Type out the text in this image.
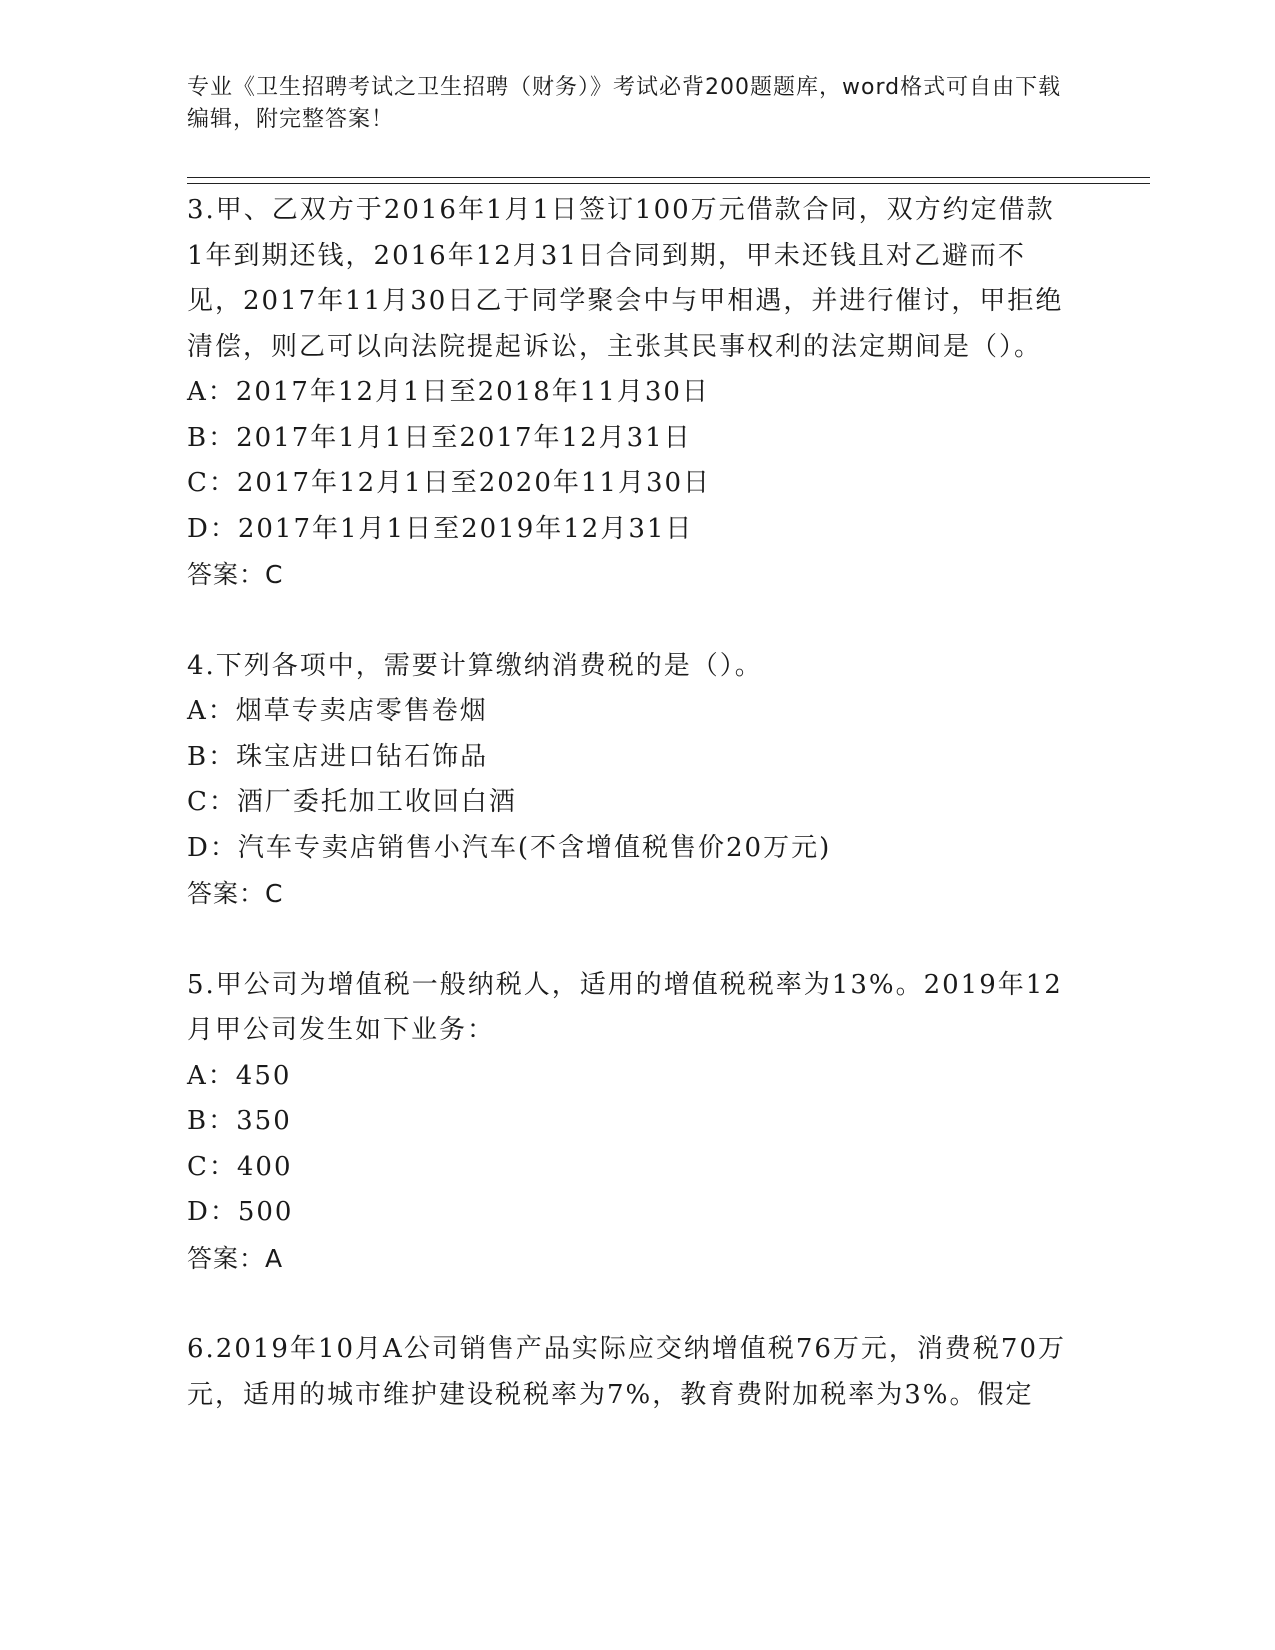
专业《卫生招聘考试之卫生招聘（财务）》考试必背200题题库，word格式可自由下载编辑，附完整答案！

3.甲、乙双方于2016年1月1日签订100万元借款合同，双方约定借款1年到期还钱，2016年12月31日合同到期，甲未还钱且对乙避而不见，2017年11月30日乙于同学聚会中与甲相遇，并进行催讨，甲拒绝清偿，则乙可以向法院提起诉讼，主张其民事权利的法定期间是（）。

A：2017年12月1日至2018年11月30日

B：2017年1月1日至2017年12月31日

C：2017年12月1日至2020年11月30日

D：2017年1月1日至2019年12月31日

答案：C

4.下列各项中，需要计算缴纳消费税的是（）。

A：烟草专卖店零售卷烟

B：珠宝店进口钻石饰品

C：酒厂委托加工收回白酒

D：汽车专卖店销售小汽车(不含增值税售价20万元)

答案：C

5.甲公司为增值税一般纳税人，适用的增值税税率为13%。2019年12月甲公司发生如下业务：

A：450

B：350

C：400

D：500

答案：A

6.2019年10月A公司销售产品实际应交纳增值税76万元，消费税70万元，适用的城市维护建设税税率为7%，教育费附加税率为3%。假定
